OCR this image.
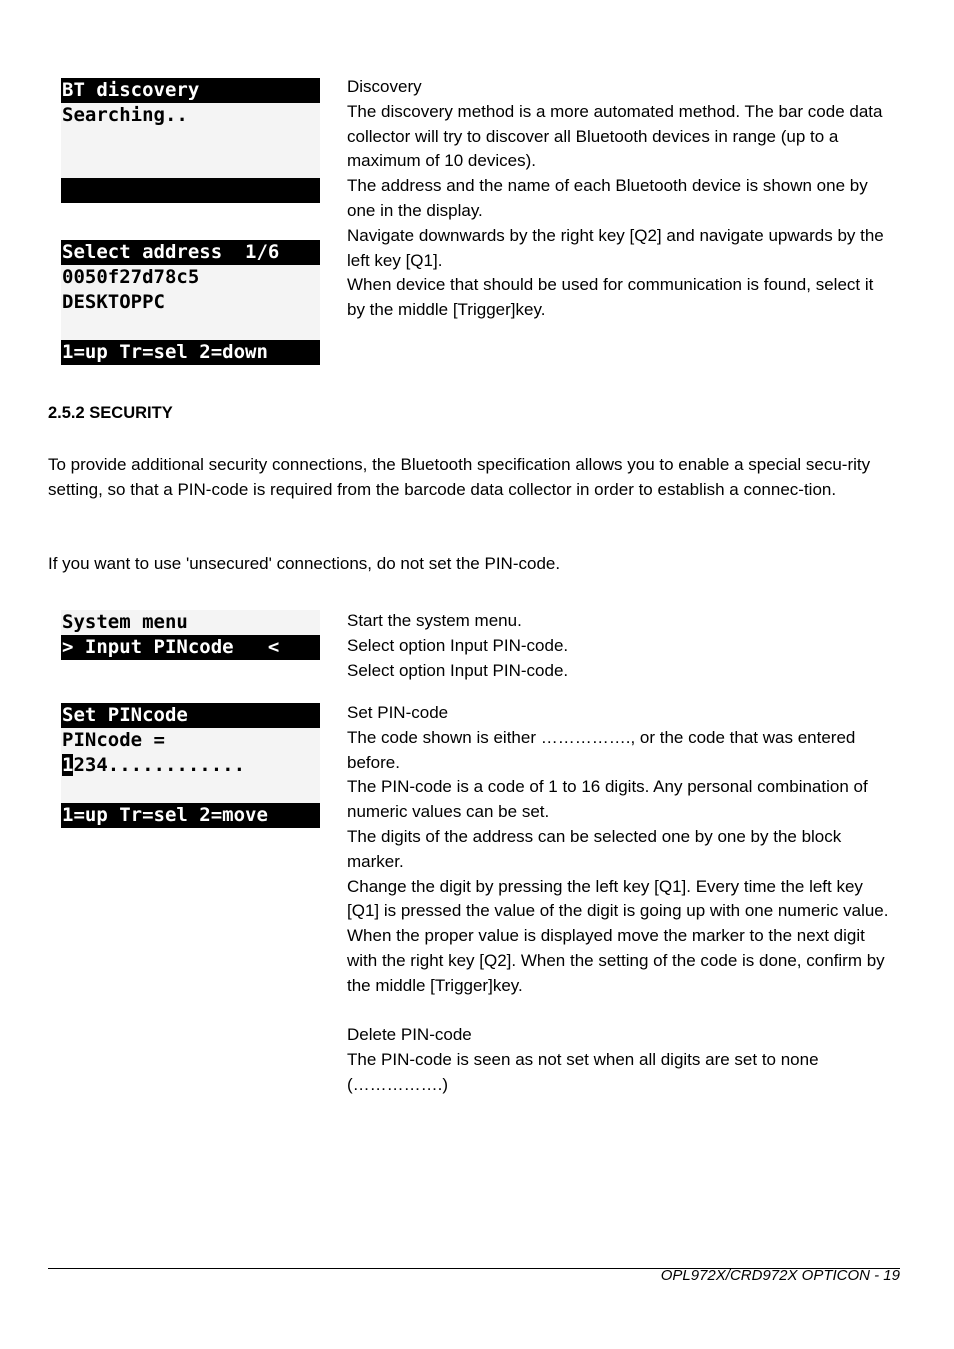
BT discovery
Searching..
Select address  1/6
0050f27d78c5
DESKTOPPC
1=up Tr=sel 2=down

Discovery

The discovery method is a more automated method. The bar code data collector will try to discover all Bluetooth devices in range (up to a maximum of 10 devices).

The address and the name of each Bluetooth device is shown one by one in the display.

Navigate downwards by the right key [Q2] and navigate upwards by the left key [Q1].

When device that should be used for communication is found, select it by the middle [Trigger]key.

2.5.2 SECURITY

To provide additional security connections, the Bluetooth specification allows you to enable a special secu-rity setting, so that a PIN-code is required from the barcode data collector in order to establish a connec-tion.

If you want to use 'unsecured' connections, do not set the PIN-code.

System menu
> Input PINcode   <

Start the system menu.

Select option Input PIN-code.

Select option Input PIN-code.

Set PINcode
PINcode =
1234............
1=up Tr=sel 2=move

Set PIN-code

The code shown is either ……………., or the code that was entered before.

The PIN-code is a code of 1 to 16 digits. Any personal combination of numeric values can be set.

The digits of the address can be selected one by one by the block marker.

Change the digit by pressing the left key [Q1]. Every time the left key [Q1] is pressed the value of the digit is going up with one numeric value. When the proper value is displayed move the marker to the next digit with the right key [Q2]. When the setting of the code is done, confirm by the middle [Trigger]key.

Delete PIN-code

The PIN-code is seen as not set when all digits are set to none (…………….)

OPL972X/CRD972X OPTICON - 19
